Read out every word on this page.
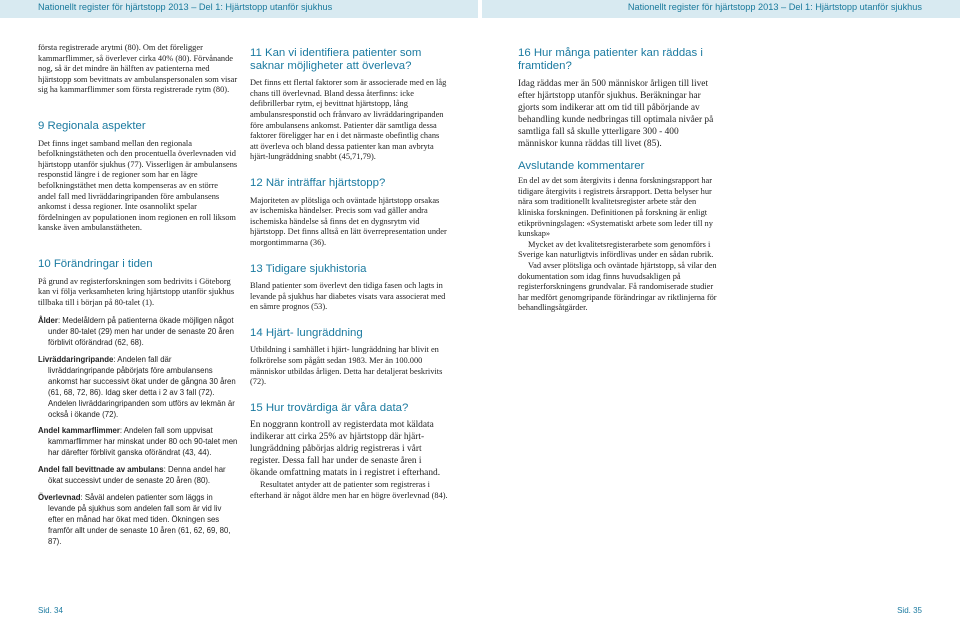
Nationellt register för hjärtstopp 2013 – Del 1: Hjärtstopp utanför sjukhus	Nationellt register för hjärtstopp 2013 – Del 1: Hjärtstopp utanför sjukhus

första registrerade arytmi (80). Om det föreligger kammarflimmer, så överlever cirka 40% (80). Förvånande nog, så är det mindre än hälften av patienterna med hjärtstopp som bevittnats av ambulanspersonalen som visar sig ha kammarflimmer som första registrerade rytm (80).

9 Regionala aspekter

Det finns inget samband mellan den regionala befolkningstätheten och den procentuella överlevnaden vid hjärtstopp utanför sjukhus (77). Visserligen är ambulansens responstid längre i de regioner som har en lägre befolkningstäthet men detta kompenseras av en större andel fall med livräddaringripanden före ambulansens ankomst i dessa regioner. Inte osannolikt spelar fördelningen av populationen inom regionen en roll liksom kanske även ambulanstätheten.

10 Förändringar i tiden

På grund av registerforskningen som bedrivits i Göteborg kan vi följa verksamheten kring hjärtstopp utanför sjukhus tillbaka till i början på 80-talet (1).

Ålder: Medelåldern på patienterna ökade möjligen något under 80-talet (29) men har under de senaste 20 åren förblivit oförändrad (62, 68).

Livräddaringripande: Andelen fall där livräddaringripande påbörjats före ambulansens ankomst har successivt ökat under de gångna 30 åren (61, 68, 72, 86). Idag sker detta i 2 av 3 fall (72). Andelen livräddaringripanden som utförs av lekmän är också i ökande (72).

Andel kammarflimmer: Andelen fall som uppvisat kammarflimmer har minskat under 80 och 90-talet men har därefter förblivit ganska oförändrat (43, 44).

Andel fall bevittnade av ambulans: Denna andel har ökat successivt under de senaste 20 åren (80).

Överlevnad: Såväl andelen patienter som läggs in levande på sjukhus som andelen fall som är vid liv efter en månad har ökat med tiden. Ökningen ses framför allt under de senaste 10 åren (61, 62, 69, 80, 87).

11 Kan vi identifiera patienter som saknar möjligheter att överleva?

Det finns ett flertal faktorer som är associerade med en låg chans till överlevnad. Bland dessa återfinns: icke defibrillerbar rytm, ej bevittnat hjärtstopp, lång ambulansresponstid och frånvaro av livräddaringripanden före ambulansens ankomst. Patienter där samtliga dessa faktorer föreligger har en i det närmaste obefintlig chans att överleva och bland dessa patienter kan man avbryta hjärt-lungräddning snabbt (45,71,79).

12 När inträffar hjärtstopp?

Majoriteten av plötsliga och oväntade hjärtstopp orsakas av ischemiska händelser. Precis som vad gäller andra ischemiska händelse så finns det en dygnsrytm vid hjärtstopp. Det finns alltså en lätt överrepresentation under morgontimmarna (36).

13 Tidigare sjukhistoria

Bland patienter som överlevt den tidiga fasen och lagts in levande på sjukhus har diabetes visats vara associerat med en sämre prognos (53).

14 Hjärt- lungräddning

Utbildning i samhället i hjärt- lungräddning har blivit en folkrörelse som pågått sedan 1983. Mer än 100.000 människor utbildas årligen. Detta har detaljerat beskrivits (72).

15 Hur trovärdiga är våra data?

En noggrann kontroll av registerdata mot käldata indikerar att cirka 25% av hjärtstopp där hjärt-lungräddning påbörjas aldrig registreras i vårt register. Dessa fall har under de senaste åren i ökande omfattning matats in i registret i efterhand.

Resultatet antyder att de patienter som registreras i efterhand är något äldre men har en högre överlevnad (84).

16 Hur många patienter kan räddas i framtiden?

Idag räddas mer än 500 människor årligen till livet efter hjärtstopp utanför sjukhus. Beräkningar har gjorts som indikerar att om tid till påbörjande av behandling kunde nedbringas till optimala nivåer på samtliga fall så skulle ytterligare 300 - 400 människor kunna räddas till livet (85).

Avslutande kommentarer

En del av det som återgivits i denna forskningsrapport har tidigare återgivits i registrets årsrapport. Detta belyser hur nära som traditionellt kvalitetsregister arbete står den kliniska forskningen. Definitionen på forskning är enligt etikprövningslagen: «Systematiskt arbete som leder till ny kunskap»

Mycket av det kvalitetsregisterarbete som genomförs i Sverige kan naturligtvis infördlivas under en sådan rubrik.

Vad avser plötsliga och oväntade hjärtstopp, så vilar den dokumentation som idag finns huvudsakligen på registerforskningens grundvalar. Få randomiserade studier har medfört genomgripande förändringar av riktlinjerna för behandlingsåtgärder.

Sid. 34	Sid. 35
